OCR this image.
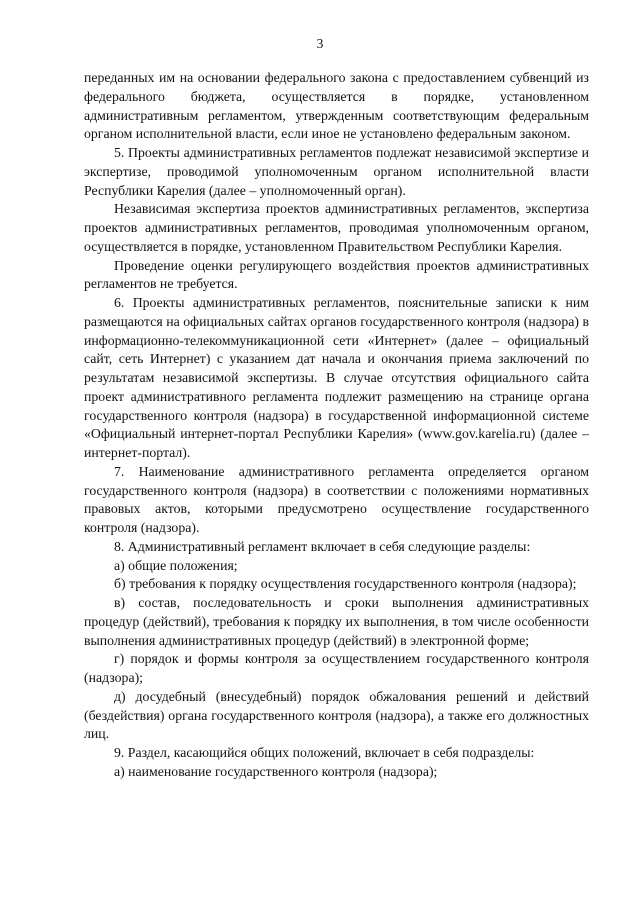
3

переданных им на основании федерального закона с предоставлением субвенций из федерального бюджета, осуществляется в порядке, установленном административным регламентом, утвержденным соответствующим федеральным органом исполнительной власти, если иное не установлено федеральным законом.

5. Проекты административных регламентов подлежат независимой экспертизе и экспертизе, проводимой уполномоченным органом исполнительной власти Республики Карелия (далее – уполномоченный орган).

Независимая экспертиза проектов административных регламентов, экспертиза проектов административных регламентов, проводимая уполномоченным органом, осуществляется в порядке, установленном Правительством Республики Карелия.

Проведение оценки регулирующего воздействия проектов административных регламентов не требуется.

6. Проекты административных регламентов, пояснительные записки к ним размещаются на официальных сайтах органов государственного контроля (надзора) в информационно-телекоммуникационной сети «Интернет» (далее – официальный сайт, сеть Интернет) с указанием дат начала и окончания приема заключений по результатам независимой экспертизы. В случае отсутствия официального сайта проект административного регламента подлежит размещению на странице органа государственного контроля (надзора) в государственной информационной системе «Официальный интернет-портал Республики Карелия» (www.gov.karelia.ru) (далее – интернет-портал).

7. Наименование административного регламента определяется органом государственного контроля (надзора) в соответствии с положениями нормативных правовых актов, которыми предусмотрено осуществление государственного контроля (надзора).

8. Административный регламент включает в себя следующие разделы:

а) общие положения;

б) требования к порядку осуществления государственного контроля (надзора);

в) состав, последовательность и сроки выполнения административных процедур (действий), требования к порядку их выполнения, в том числе особенности выполнения административных процедур (действий) в электронной форме;

г) порядок и формы контроля за осуществлением государственного контроля (надзора);

д) досудебный (внесудебный) порядок обжалования решений и действий (бездействия) органа государственного контроля (надзора), а также его должностных лиц.

9. Раздел, касающийся общих положений, включает в себя подразделы:

а) наименование государственного контроля (надзора);
